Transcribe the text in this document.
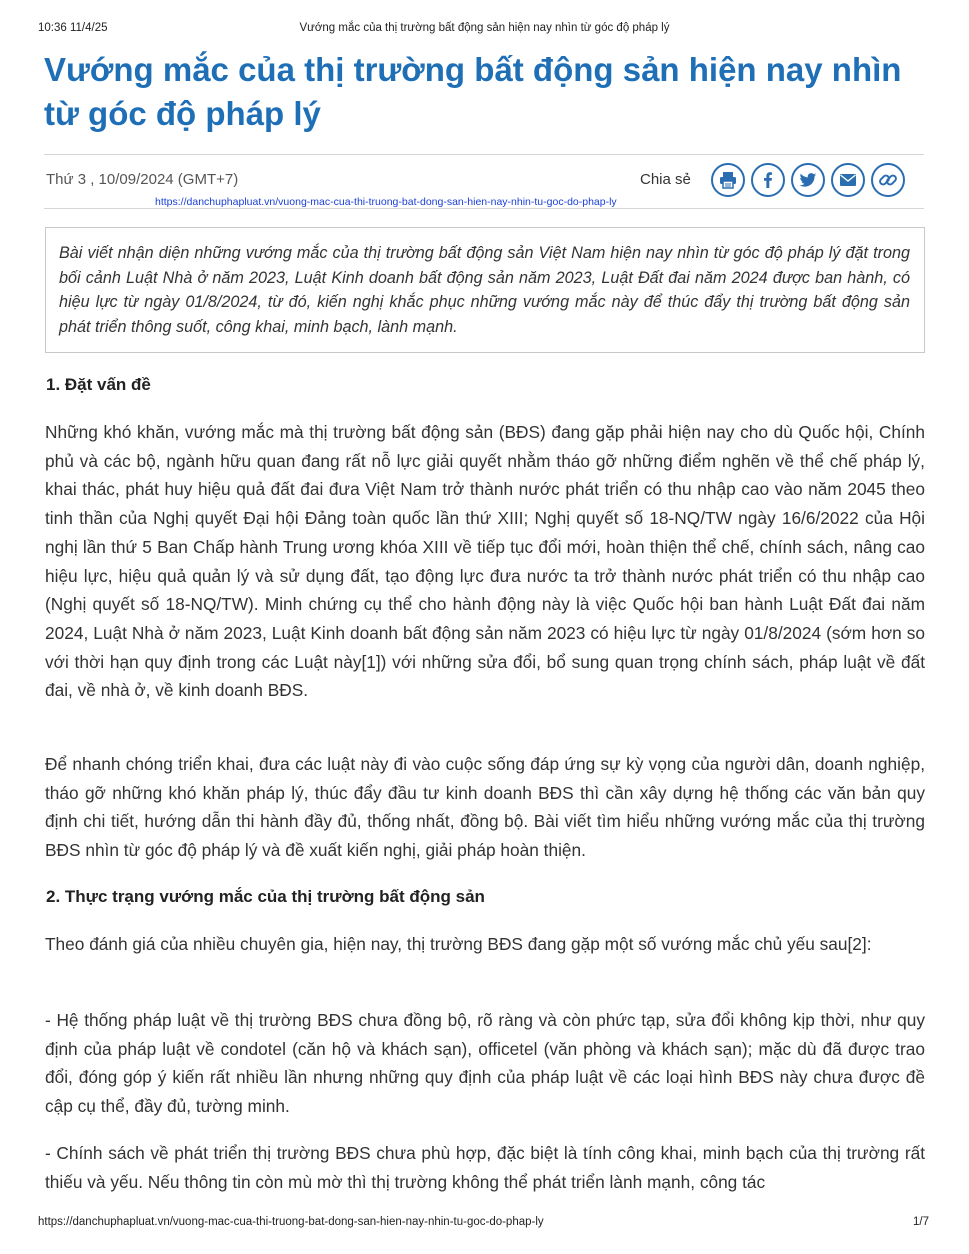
10:36 11/4/25	Vướng mắc của thị trường bất động sản hiện nay nhìn từ góc độ pháp lý
Vướng mắc của thị trường bất động sản hiện nay nhìn từ góc độ pháp lý
Thứ 3 , 10/09/2024 (GMT+7)	Chia sẻ
https://danchuphapluat.vn/vuong-mac-cua-thi-truong-bat-dong-san-hien-nay-nhin-tu-goc-do-phap-ly
Bài viết nhận diện những vướng mắc của thị trường bất động sản Việt Nam hiện nay nhìn từ góc độ pháp lý đặt trong bối cảnh Luật Nhà ở năm 2023, Luật Kinh doanh bất động sản năm 2023, Luật Đất đai năm 2024 được ban hành, có hiệu lực từ ngày 01/8/2024, từ đó, kiến nghị khắc phục những vướng mắc này để thúc đẩy thị trường bất động sản phát triển thông suốt, công khai, minh bạch, lành mạnh.
1. Đặt vấn đề

Những khó khăn, vướng mắc mà thị trường bất động sản (BĐS) đang gặp phải hiện nay cho dù Quốc hội, Chính phủ và các bộ, ngành hữu quan đang rất nỗ lực giải quyết nhằm tháo gỡ những điểm nghẽn về thể chế pháp lý, khai thác, phát huy hiệu quả đất đai đưa Việt Nam trở thành nước phát triển có thu nhập cao vào năm 2045 theo tinh thần của Nghị quyết Đại hội Đảng toàn quốc lần thứ XIII; Nghị quyết số 18-NQ/TW ngày 16/6/2022 của Hội nghị lần thứ 5 Ban Chấp hành Trung ương khóa XIII về tiếp tục đổi mới, hoàn thiện thể chế, chính sách, nâng cao hiệu lực, hiệu quả quản lý và sử dụng đất, tạo động lực đưa nước ta trở thành nước phát triển có thu nhập cao (Nghị quyết số 18-NQ/TW). Minh chứng cụ thể cho hành động này là việc Quốc hội ban hành Luật Đất đai năm 2024, Luật Nhà ở năm 2023, Luật Kinh doanh bất động sản năm 2023 có hiệu lực từ ngày 01/8/2024 (sớm hơn so với thời hạn quy định trong các Luật này[1]) với những sửa đổi, bổ sung quan trọng chính sách, pháp luật về đất đai, về nhà ở, về kinh doanh BĐS.

Để nhanh chóng triển khai, đưa các luật này đi vào cuộc sống đáp ứng sự kỳ vọng của người dân, doanh nghiệp, tháo gỡ những khó khăn pháp lý, thúc đẩy đầu tư kinh doanh BĐS thì cần xây dựng hệ thống các văn bản quy định chi tiết, hướng dẫn thi hành đầy đủ, thống nhất, đồng bộ. Bài viết tìm hiểu những vướng mắc của thị trường BĐS nhìn từ góc độ pháp lý và đề xuất kiến nghị, giải pháp hoàn thiện.

2. Thực trạng vướng mắc của thị trường bất động sản

Theo đánh giá của nhiều chuyên gia, hiện nay, thị trường BĐS đang gặp một số vướng mắc chủ yếu sau[2]:

- Hệ thống pháp luật về thị trường BĐS chưa đồng bộ, rõ ràng và còn phức tạp, sửa đổi không kịp thời, như quy định của pháp luật về condotel (căn hộ và khách sạn), officetel (văn phòng và khách sạn); mặc dù đã được trao đổi, đóng góp ý kiến rất nhiều lần nhưng những quy định của pháp luật về các loại hình BĐS này chưa được đề cập cụ thể, đầy đủ, tường minh.

- Chính sách về phát triển thị trường BĐS chưa phù hợp, đặc biệt là tính công khai, minh bạch của thị trường rất thiếu và yếu. Nếu thông tin còn mù mờ thì thị trường không thể phát triển lành mạnh, công tác

https://danchuphapluat.vn/vuong-mac-cua-thi-truong-bat-dong-san-hien-nay-nhin-tu-goc-do-phap-ly	1/7
